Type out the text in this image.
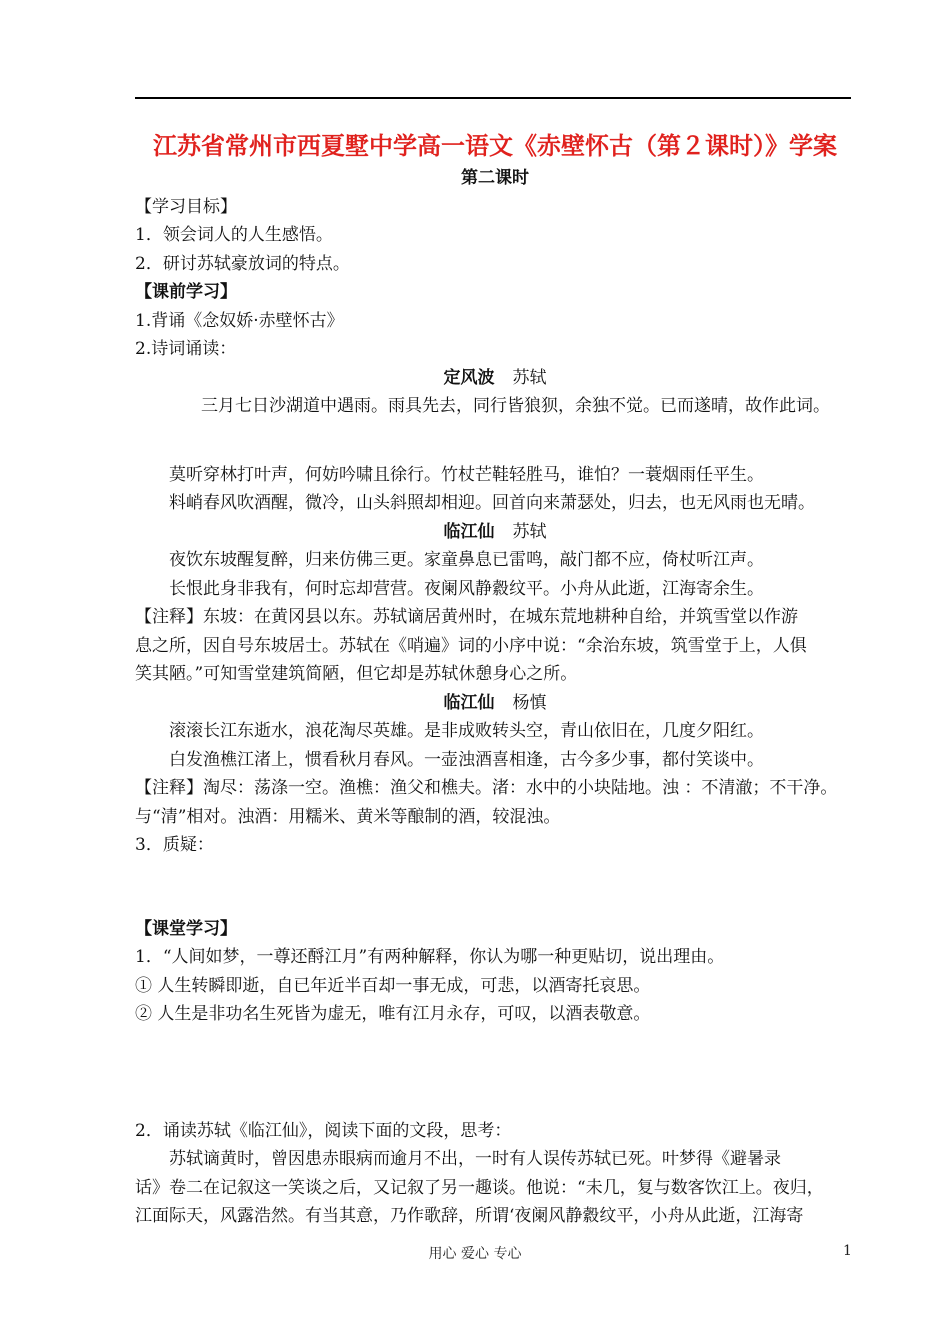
江苏省常州市西夏墅中学高一语文《赤壁怀古（第２课时）》学案

第二课时

【学习目标】

1．领会词人的人生感悟。

2．研讨苏轼豪放词的特点。

【课前学习】

1.背诵《念奴娇·赤壁怀古》

2.诗词诵读：

定风波 苏轼

三月七日沙湖道中遇雨。雨具先去，同行皆狼狈，余独不觉。已而遂晴，故作此词。

莫听穿林打叶声，何妨吟啸且徐行。竹杖芒鞋轻胜马，谁怕？一蓑烟雨任平生。

料峭春风吹酒醒，微冷，山头斜照却相迎。回首向来萧瑟处，归去，也无风雨也无晴。

临江仙 苏轼

夜饮东坡醒复醉，归来仿佛三更。家童鼻息已雷鸣，敲门都不应，倚杖听江声。

长恨此身非我有，何时忘却营营。夜阑风静縠纹平。小舟从此逝，江海寄余生。

【注释】东坡：在黄冈县以东。苏轼谪居黄州时，在城东荒地耕种自给，并筑雪堂以作游

息之所，因自号东坡居士。苏轼在《哨遍》词的小序中说：“余治东坡，筑雪堂于上，人俱

笑其陋。”可知雪堂建筑简陋，但它却是苏轼休憩身心之所。

临江仙 杨慎

滚滚长江东逝水，浪花淘尽英雄。是非成败转头空，青山依旧在，几度夕阳红。

白发渔樵江渚上，惯看秋月春风。一壶浊酒喜相逢，古今多少事，都付笑谈中。

【注释】淘尽：荡涤一空。渔樵：渔父和樵夫。渚：水中的小块陆地。浊 ：不清澈；不干净。

与“清”相对。浊酒：用糯米、黄米等酿制的酒，较混浊。

3．质疑：

【课堂学习】

1．“人间如梦，一尊还酹江月”有两种解释，你认为哪一种更贴切，说出理由。

① 人生转瞬即逝，自已年近半百却一事无成，可悲，以酒寄托哀思。

② 人生是非功名生死皆为虚无，唯有江月永存，可叹，以酒表敬意。

2．诵读苏轼《临江仙》，阅读下面的文段，思考：

苏轼谪黄时，曾因患赤眼病而逾月不出，一时有人误传苏轼已死。叶梦得《避暑录

话》卷二在记叙这一笑谈之后，又记叙了另一趣谈。他说：“未几，复与数客饮江上。夜归，

江面际天，风露浩然。有当其意，乃作歌辞，所谓‘夜阑风静縠纹平，小舟从此逝，江海寄

用心 爱心 专心	1
